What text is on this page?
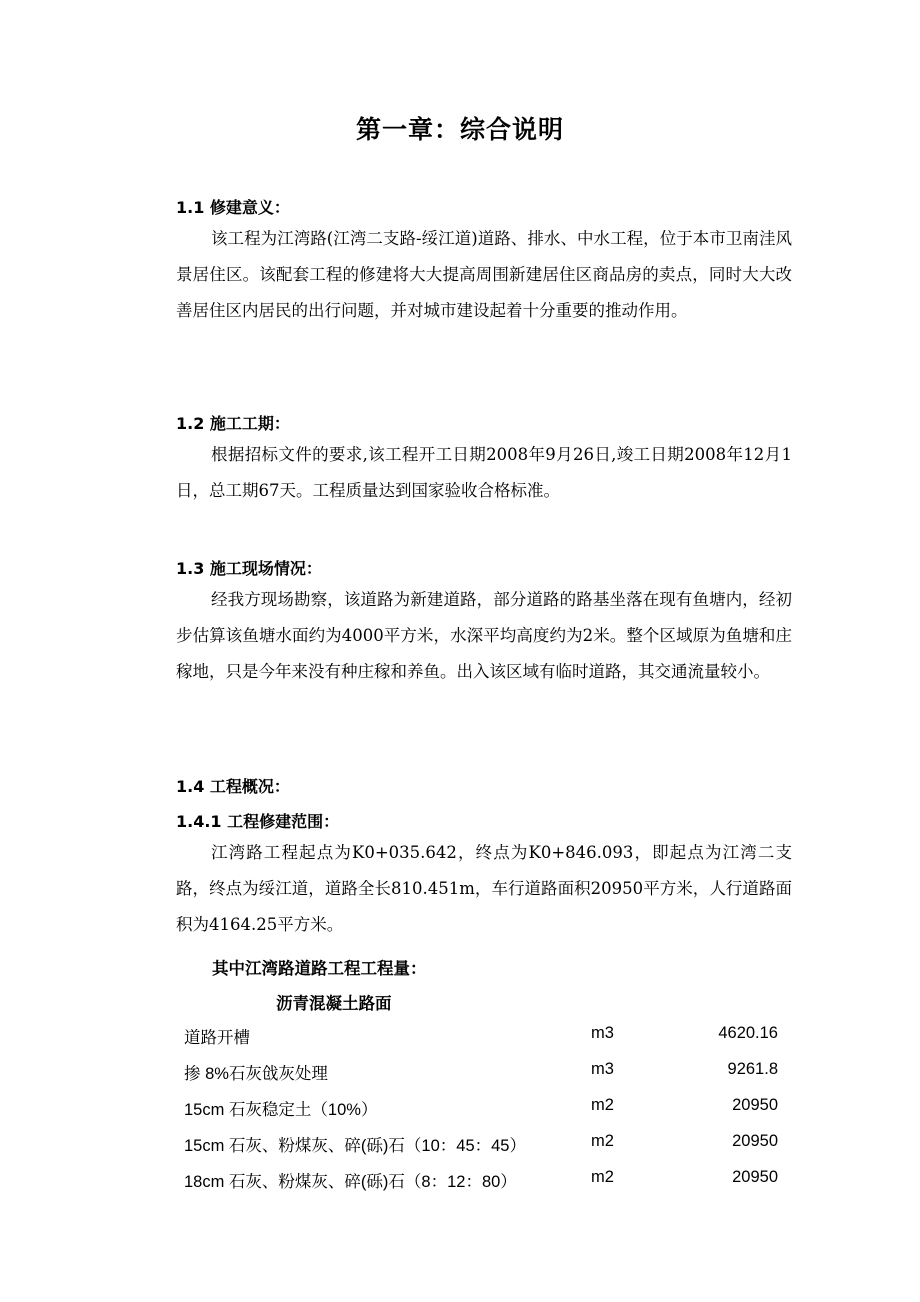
第一章：综合说明
1.1 修建意义：
该工程为江湾路(江湾二支路-绥江道)道路、排水、中水工程，位于本市卫南洼风景居住区。该配套工程的修建将大大提高周围新建居住区商品房的卖点，同时大大改善居住区内居民的出行问题，并对城市建设起着十分重要的推动作用。
1.2 施工工期：
根据招标文件的要求,该工程开工日期2008年9月26日,竣工日期2008年12月1日，总工期67天。工程质量达到国家验收合格标准。
1.3 施工现场情况：
经我方现场勘察，该道路为新建道路，部分道路的路基坐落在现有鱼塘内，经初步估算该鱼塘水面约为4000平方米，水深平均高度约为2米。整个区域原为鱼塘和庄稼地，只是今年来没有种庄稼和养鱼。出入该区域有临时道路，其交通流量较小。
1.4 工程概况：
1.4.1 工程修建范围：
江湾路工程起点为K0+035.642，终点为K0+846.093，即起点为江湾二支路，终点为绥江道，道路全长810.451m，车行道路面积20950平方米，人行道路面积为4164.25平方米。
其中江湾路道路工程工程量：
沥青混凝土路面
道路开槽	m3	4620.16
掺 8%石灰戗灰处理	m3	9261.8
15cm 石灰稳定土（10%）	m2	20950
15cm 石灰、粉煤灰、碎(砾)石（10：45：45）	m2	20950
18cm 石灰、粉煤灰、碎(砾)石（8：12：80）	m2	20950
